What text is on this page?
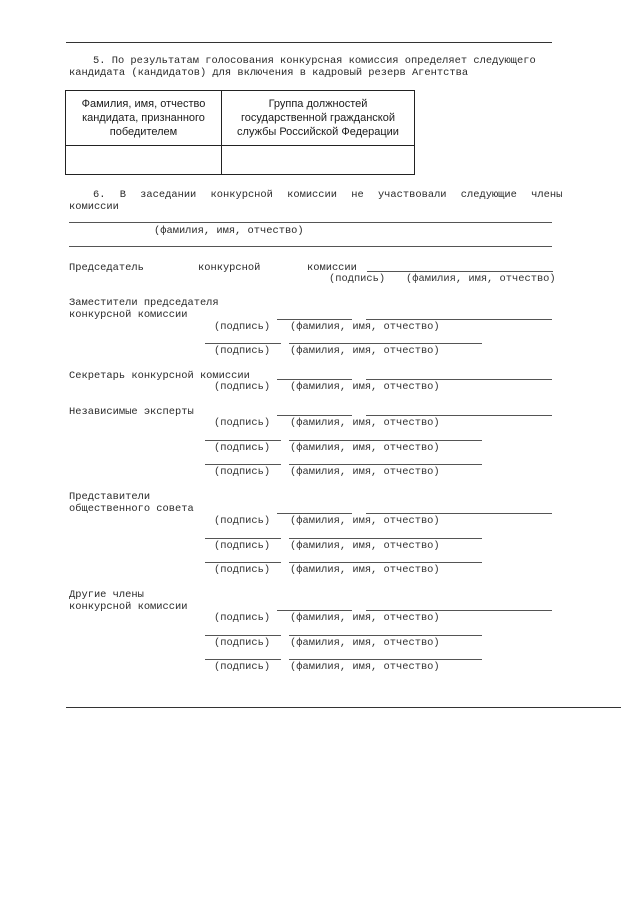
5. По результатам голосования конкурсная комиссия определяет следующего
кандидата (кандидатов) для включения в кадровый резерв Агентства
Фамилия, имя, отчество кандидата, признанного победителем	Группа должностей государственной гражданской службы Российской Федерации

6. В заседании конкурсной комиссии не участвовали следующие члены
комиссии
(фамилия, имя, отчество)
Председатель	конкурсной	комиссии
(подпись) (фамилия, имя, отчество)
Заместители председателя
конкурсной комиссии
(подпись) (фамилия, имя, отчество)
(подпись) (фамилия, имя, отчество)
Секретарь конкурсной комиссии
(подпись) (фамилия, имя, отчество)
Независимые эксперты
(подпись) (фамилия, имя, отчество)
(подпись) (фамилия, имя, отчество)
(подпись) (фамилия, имя, отчество)
Представители
общественного совета
(подпись) (фамилия, имя, отчество)
(подпись) (фамилия, имя, отчество)
(подпись) (фамилия, имя, отчество)
Другие члены
конкурсной комиссии
(подпись) (фамилия, имя, отчество)
(подпись) (фамилия, имя, отчество)
(подпись) (фамилия, имя, отчество)
